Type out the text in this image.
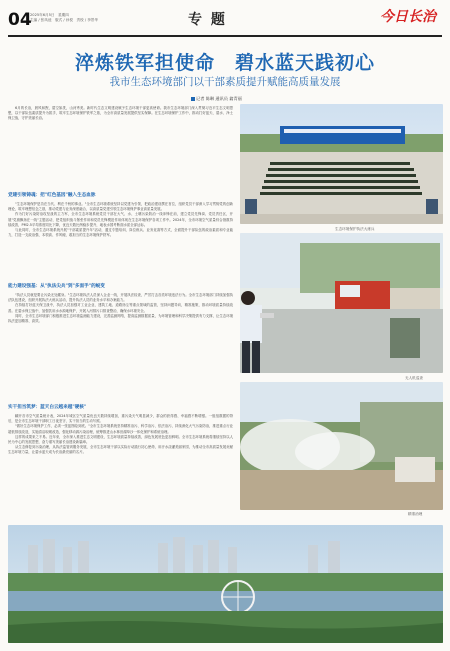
04
2025年6月5日　星期四
主编 / 张凤池　版式 / 孙悦　责校 / 李景华	专 题	今日长治
淬炼铁军担使命　碧水蓝天践初心
我市生态环境部门以干部素质提升赋能高质量发展
记者 陈琳 通讯员 翁青丽

6月的长治，晨风和煦，碧空如洗，山河秀美。新时代生态文明建设赋予生态环境干部更高使命。我市生态环境部门深入贯彻习近平生态文明思想，以干部队伍素质提升为抓手，筑牢生态环境保护铁军之基，为全市高质量发展提供坚实保障。在生态环境保护工作中，推动打好蓝天、碧水、净土保卫战，守护美丽长治。

党建引领铸魂：把"红色基因"融入生态血脉

"生态环境保护是功在当代、利在千秋的事业。"全市生态环境系统坚持以党建为引领，把政治建设摆在首位，组织党员干部深入学习贯彻党的创新理论，筑牢理想信念之基，推动党建与业务深度融合，以高质量党建引领生态环境保护事业高质量发展。

作为打好污染防治攻坚战的主力军，全市生态环境系统党员干部在大气、水、土壤污染防治一线冲锋在前，建立党员先锋岗、党员责任区，开展"党旗飘扬在一线"主题活动，把党组织战斗堡垒作用和党员先锋模范作用体现在生态环境保护各项工作中。2024年，全市环境空气质量综合指数持续改善，PM2.5平均浓度同比下降，优良天数比例稳步提升，地表水国考断面水质全部达标。

与此同时，全市生态环境系统开展"干部素质提升年"活动，通过专题培训、岗位练兵、业务竞赛等方式，全面提升干部队伍的政治素质和专业能力，打造一支政治强、本领高、作风硬、敢担当的生态环境保护铁军。

能力建设强基：从"执法尖兵"到"多面手"的蜕变

"执法人员就是要让污染无处藏身。"生态环境执法人员深入企业一线，开展执法检查，严厉打击各类环境违法行为。全市生态环境部门持续加强执法队伍建设，组织开展执法大练兵活动，提升执法人员的业务水平和办案能力。

在持续打好蓝天保卫战中，执法人员加强对工业企业、建筑工地、道路扬尘等重点领域的监管，坚持问题导向，精准施策，推动环境质量持续改善。在碧水保卫战中，加强饮用水水源地保护，开展入河排污口排查整治，确保水环境安全。

同时，全市生态环境部门积极推进生态环境监测能力建设，完善监测网络，提高监测数据质量，为环境管理和科学决策提供有力支撑，让生态环境执法更加精准、高效。

实干担当筑梦：蓝天白云越来越"硬核"

翻开各市空气质量统计表，2024年城区空气质量优良天数持续增加，重污染天气明显减少，群众的获得感、幸福感不断增强。一组组数据的背后，是全市生态环境干部职工日夜坚守、实干担当的生动写照。

"做好生态环境保护工作，必须一张蓝图绘到底。"全市生态环境系统坚持精准治污、科学治污、依法治污，持续深化大气污染防治，推进重点行业超低排放改造，实施清洁取暖改造，强化移动源污染治理，统筹推进山水林田湖草沙一体化保护和系统治理。

这样的成果来之不易。近年来，全市深入推进生态文明建设，生态环境质量持续改善，绿色发展底色更加鲜明。全市生态环境系统将继续坚持以人民为中心的发展思想，奋力谱写美丽长治建设新篇章。

从生态修复到污染治理，从执法监管到服务发展，全市生态环境干部以实际行动践行初心使命，用汗水浇灌美丽家园，为推动全市高质量发展贡献生态环境力量，让碧水蓝天成为长治最亮丽的名片。

生态环境保护执法大练兵
无人机巡查
精准治理
